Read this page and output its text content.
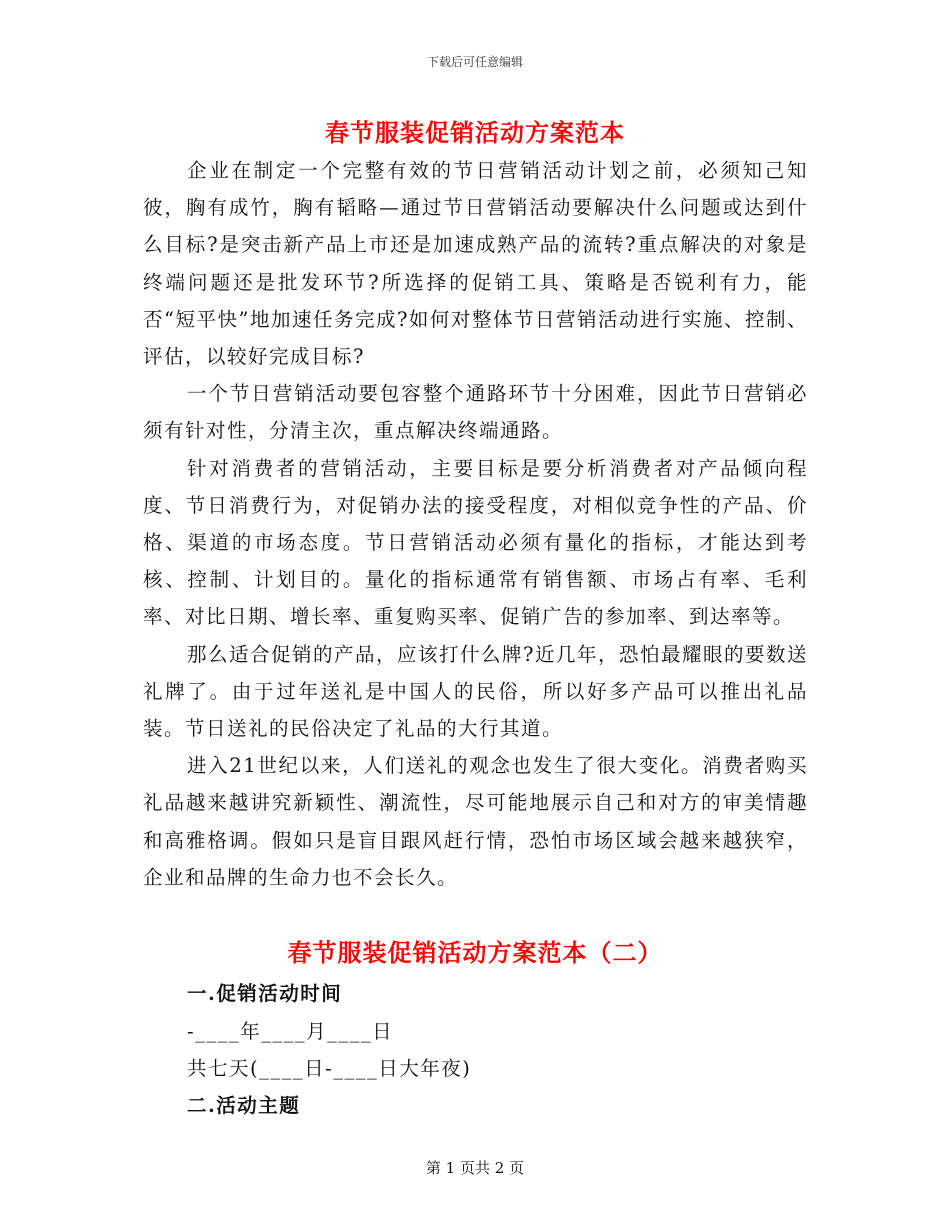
下载后可任意编辑
春节服装促销活动方案范本

企业在制定一个完整有效的节日营销活动计划之前，必须知己知彼，胸有成竹，胸有韬略—通过节日营销活动要解决什么问题或达到什么目标?是突击新产品上市还是加速成熟产品的流转?重点解决的对象是终端问题还是批发环节?所选择的促销工具、策略是否锐利有力，能否“短平快”地加速任务完成?如何对整体节日营销活动进行实施、控制、评估，以较好完成目标?

一个节日营销活动要包容整个通路环节十分困难，因此节日营销必须有针对性，分清主次，重点解决终端通路。

针对消费者的营销活动，主要目标是要分析消费者对产品倾向程度、节日消费行为，对促销办法的接受程度，对相似竞争性的产品、价格、渠道的市场态度。节日营销活动必须有量化的指标，才能达到考核、控制、计划目的。量化的指标通常有销售额、市场占有率、毛利率、对比日期、增长率、重复购买率、促销广告的参加率、到达率等。

那么适合促销的产品，应该打什么牌?近几年，恐怕最耀眼的要数送礼牌了。由于过年送礼是中国人的民俗，所以好多产品可以推出礼品装。节日送礼的民俗决定了礼品的大行其道。

进入21世纪以来，人们送礼的观念也发生了很大变化。消费者购买礼品越来越讲究新颖性、潮流性，尽可能地展示自己和对方的审美情趣和高雅格调。假如只是盲目跟风赶行情，恐怕市场区域会越来越狭窄，企业和品牌的生命力也不会长久。

春节服装促销活动方案范本（二）
一.促销活动时间
-____年____月____日
共七天(____日-____日大年夜)
二.活动主题
第 1 页共 2 页
